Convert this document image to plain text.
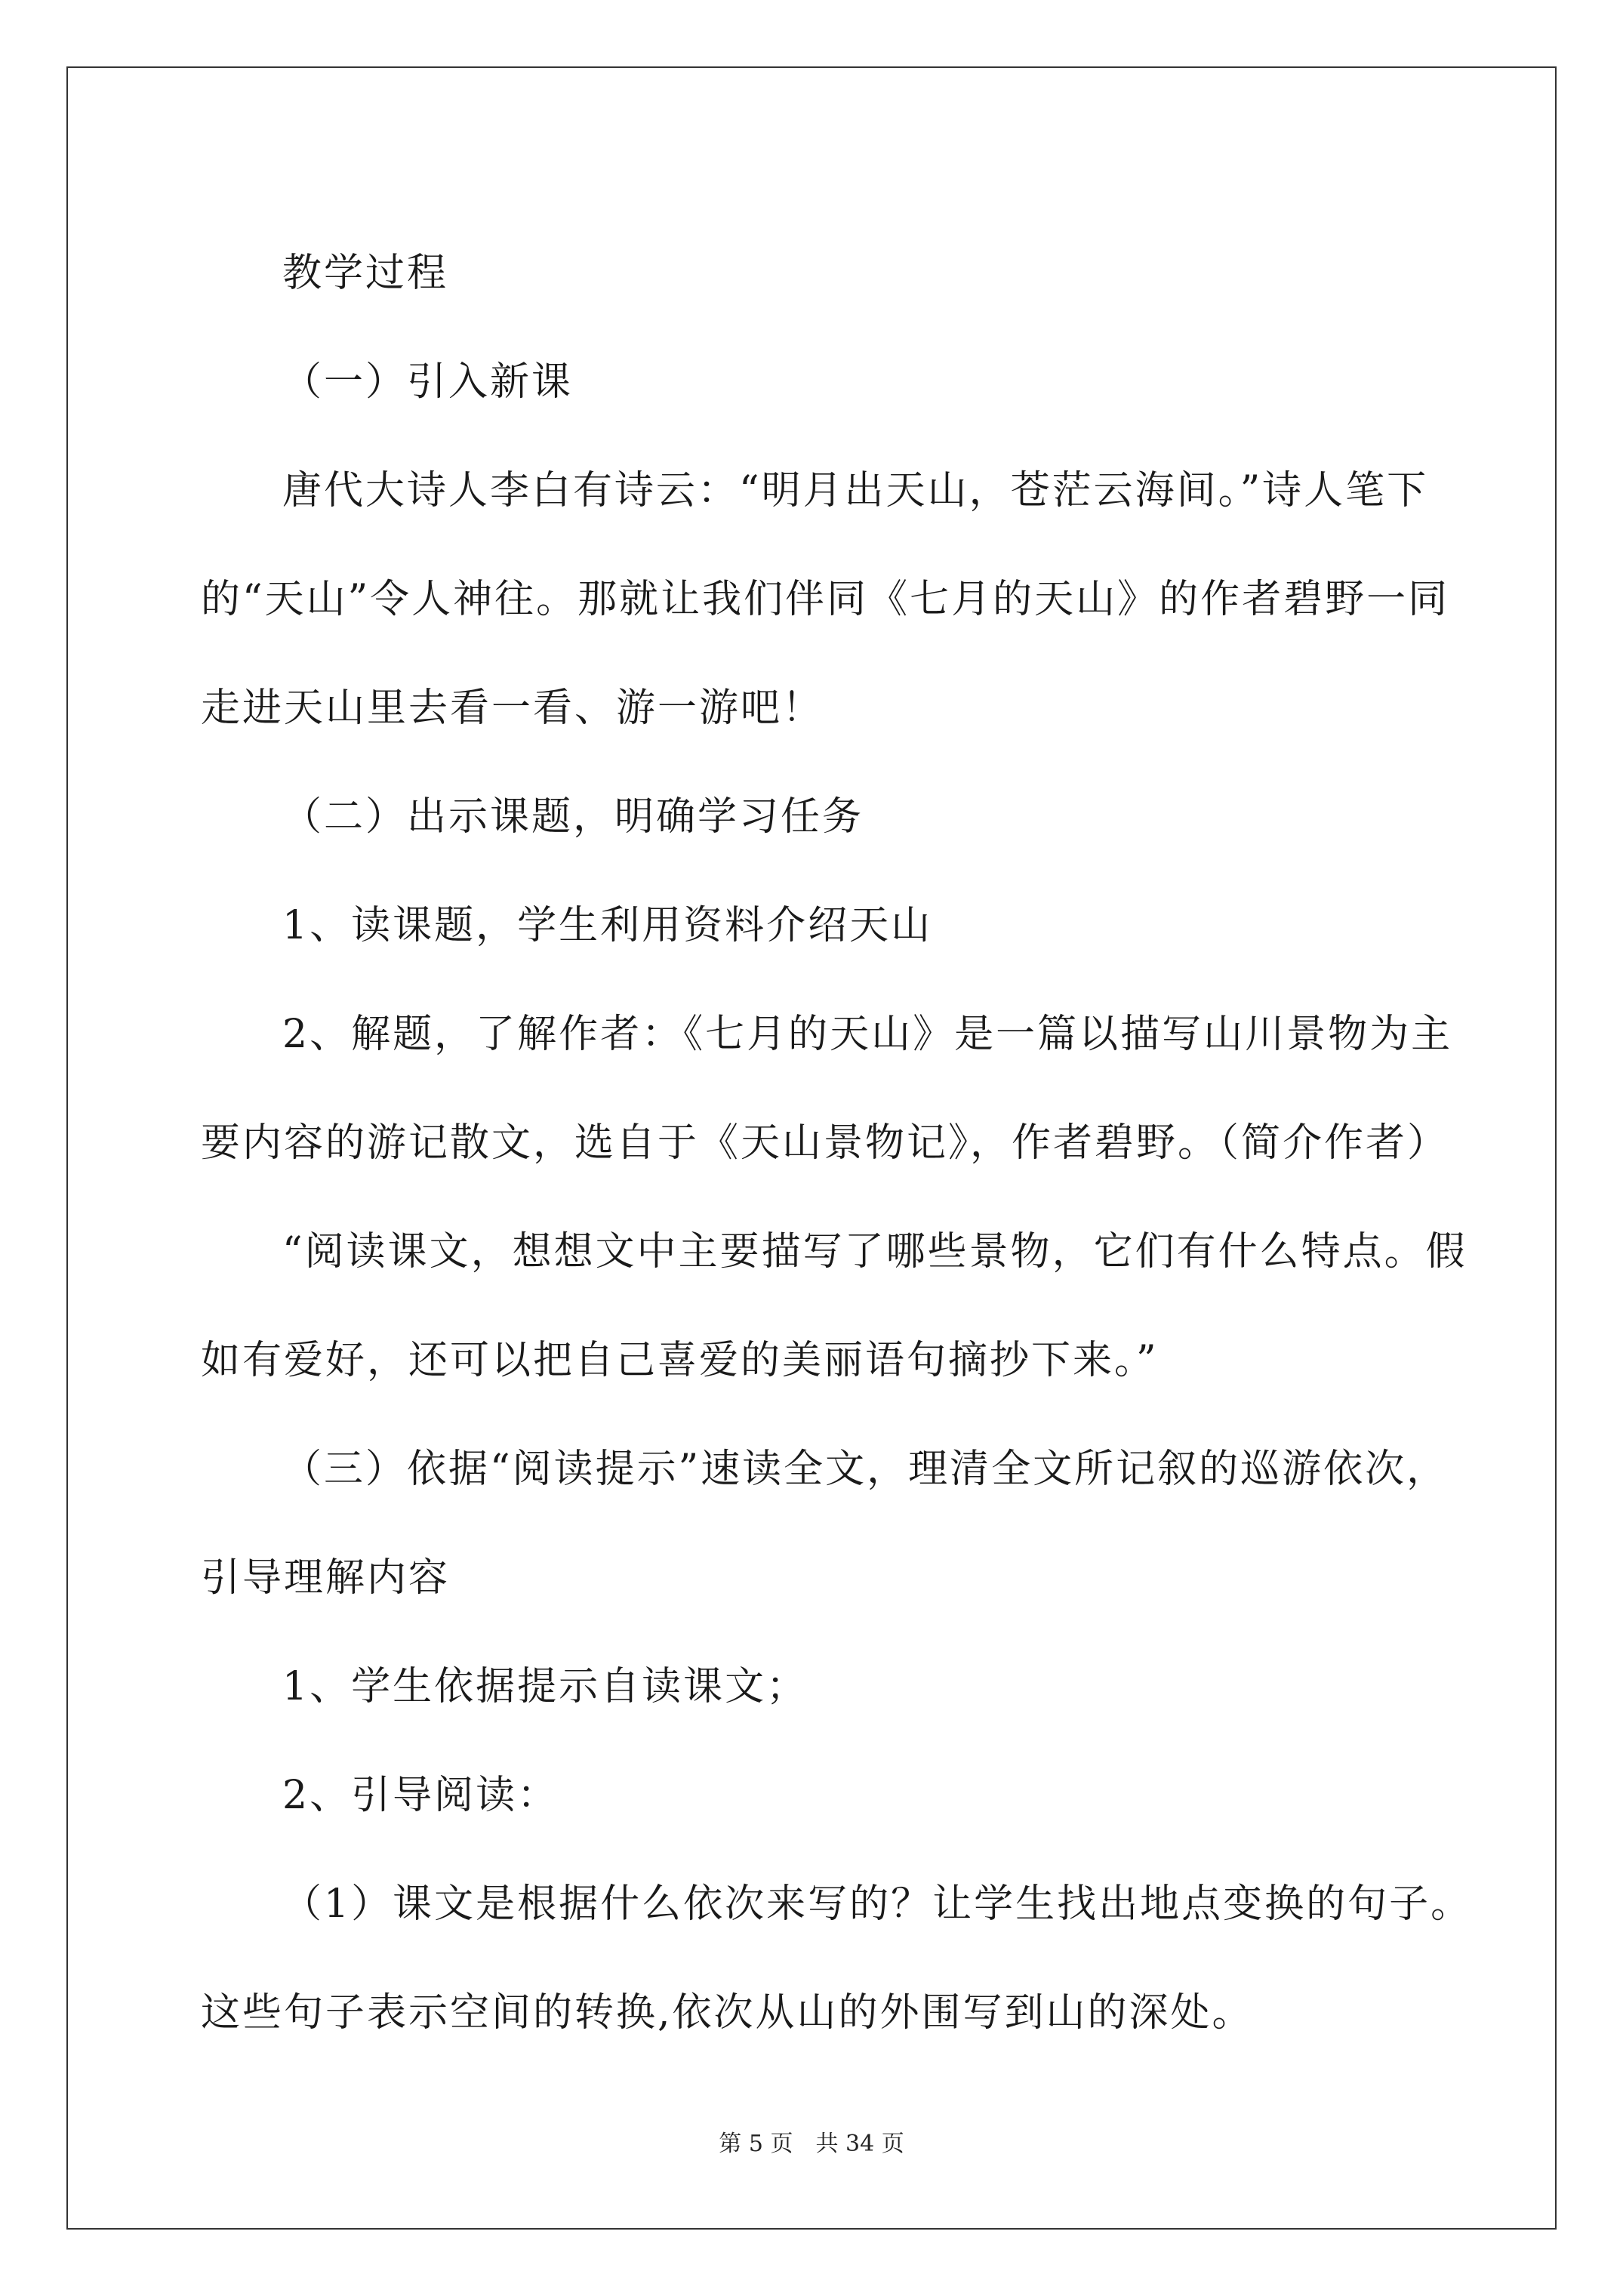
教学过程

（一）引入新课

唐代大诗人李白有诗云：“明月出天山，苍茫云海间。”诗人笔下的“天山”令人神往。那就让我们伴同《七月的天山》的作者碧野一同走进天山里去看一看、游一游吧！

（二）出示课题，明确学习任务

1、读课题，学生利用资料介绍天山

2、解题，了解作者：《七月的天山》是一篇以描写山川景物为主要内容的游记散文，选自于《天山景物记》，作者碧野。（简介作者）

“阅读课文，想想文中主要描写了哪些景物，它们有什么特点。假如有爱好，还可以把自己喜爱的美丽语句摘抄下来。”

（三）依据“阅读提示”速读全文，理清全文所记叙的巡游依次，引导理解内容

1、学生依据提示自读课文；

2、引导阅读：

（1）课文是根据什么依次来写的？让学生找出地点变换的句子。这些句子表示空间的转换,依次从山的外围写到山的深处。

第 5 页 共 34 页
